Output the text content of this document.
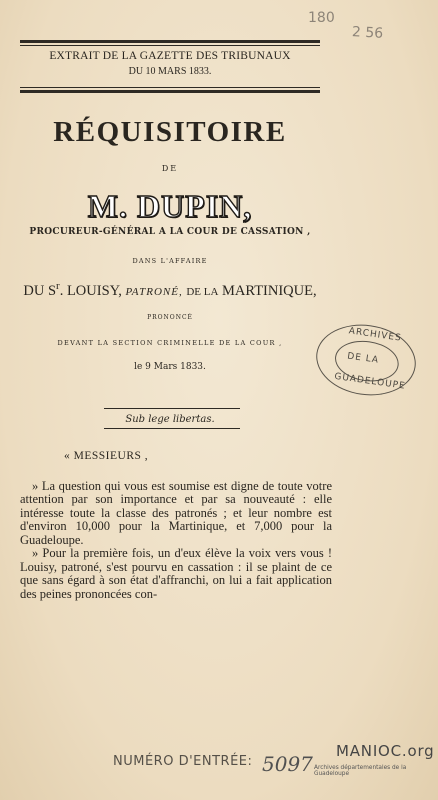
180
2 56
EXTRAIT DE LA GAZETTE DES TRIBUNAUX
DU 10 MARS 1833.
RÉQUISITOIRE
DE
M. DUPIN,
PROCUREUR-GÉNÉRAL A LA COUR DE CASSATION ,
DANS L'AFFAIRE
DU $S^r$. LOUISY, PATRONÉ, DE LA MARTINIQUE,
PRONONCÉ
DEVANT LA SECTION CRIMINELLE DE LA COUR ,
le 9 Mars 1833.
Sub lege libertas.
ARCHIVES
DE LA
GUADELOUPE
« MESSIEURS ,

» La question qui vous est soumise est digne de toute votre attention par son importance et par sa nouveauté : elle intéresse toute la classe des patronés ; et leur nombre est d'environ 10,000 pour la Martinique, et 7,000 pour la Guadeloupe.

» Pour la première fois, un d'eux élève la voix vers vous ! Louisy, patroné, s'est pourvu en cassation : il se plaint de ce que sans égard à son état d'affranchi, on lui a fait application des peines prononcées con-

NUMÉRO D'ENTRÉE: 5097
MANIOC.org
Archives départementales de la Guadeloupe
